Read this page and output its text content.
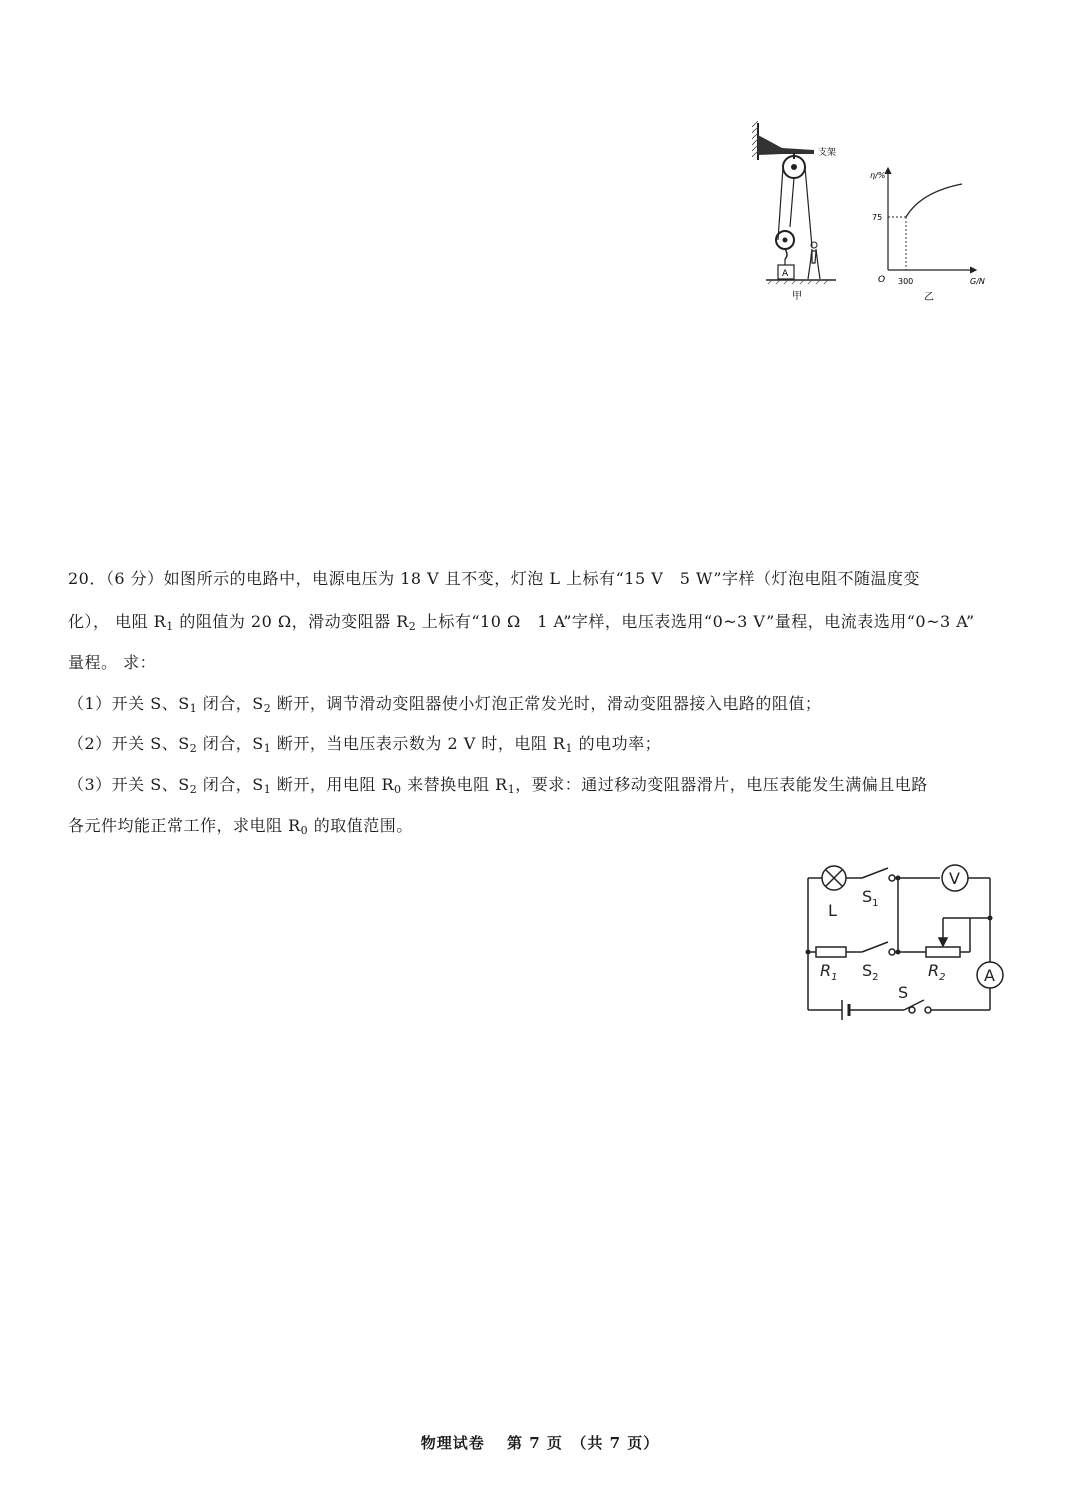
支架
A
甲
η/%
G/N
O
75
300
乙
20．（6 分）如图所示的电路中，电源电压为 18 V 且不变，灯泡 L 上标有“15 V　5 W”字样（灯泡电阻不随温度变
化）， 电阻 $R_1$ 的阻值为 20 Ω，滑动变阻器 $R_2$ 上标有“10 Ω　1 A”字样，电压表选用“0~3 V”量程，电流表选用“0~3 A”
量程。 求：
（1）开关 S、$S_1$ 闭合，$S_2$ 断开，调节滑动变阻器使小灯泡正常发光时，滑动变阻器接入电路的阻值；
（2）开关 S、$S_2$ 闭合，$S_1$ 断开，当电压表示数为 2 V 时，电阻 $R_1$ 的电功率；
（3）开关 S、$S_2$ 闭合，$S_1$ 断开，用电阻 $R_0$ 来替换电阻 $R_1$，要求：通过移动变阻器滑片，电压表能发生满偏且电路
各元件均能正常工作，求电阻 $R_0$ 的取值范围。
L
$S_1$
$S_2$
$R_1$	$R_2$
S
V
A
物理试卷　 第 7 页　（共 7 页）
